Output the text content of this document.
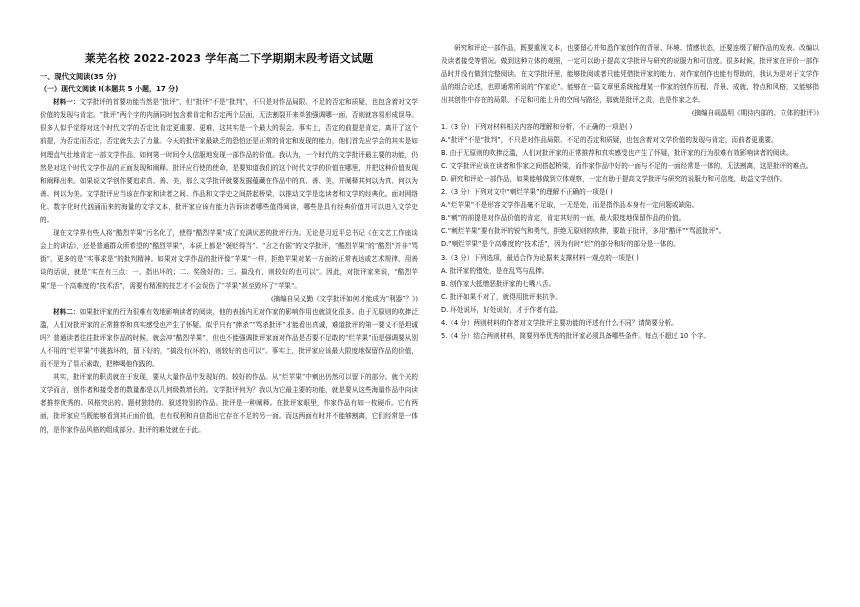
莱芜名校 2022-2023 学年高二下学期期末段考语文试题

一、现代文阅读(35 分)

（一）现代文阅读 I(本题共 5 小题，17 分)

材料一：文学批评的首要功能当然是“批评”，但“批评”不是“批判”，不只是对作品局限、不足的否定和质疑，也包含着对文学价值的发现与肯定。“批评”两个字的内涵同时包含着肯定和否定两个层面，无法割裂开来单独强调哪一面，否则就容易形成误导。很多人似乎觉得对这个时代文学的否定比肯定更重要、更难，这其实是一个最大的误会。事实上，否定的前提是肯定，离开了这个前提，为否定而否定，否定就失去了力量。今天的批评家最缺乏的恐怕还是正常的肯定和发现的能力，他们首先应学会的其实是如何理直气壮地肯定一部文学作品，如何第一时间令人信服地发现一部作品的价值。我认为，一个时代的文学批评最主要的功能，仍然是对这个时代文学作品的正面发现和阐释。批评应行使的使命，是要知道我们的这个时代文学的价值在哪里，并把这种价值发现和阐释出来。如果说文学创作要追求真、善、美，那么文学批评就要发掘蕴藏在作品中的真、善、美，并阐释其何以为真、何以为善、何以为美。文学批评应当该在作家和读者之间、作品和文学史之间搭起桥梁，以推动文学是迄读者和文学的经典化。面对网络化、数字化时代汹涌而来的海量的文学文本，批评家应该有能力告诉读者哪些值得阅读，哪些是具有经典价值并可以进入文学史的。

现在文学界有些人将“酷烈苹果”污名化了，使得“酷烈苹果”成了充满厌恶的批评行为。无论是习近平总书记《在文艺工作座谈会上的讲话》，还是普通群众所希望的“酷烈苹果”，本质上都是“褒贬得当”、“言之有据”的文学批评，“酷烈苹果”的“酷烈”并非“骂街”，更多的是“实事求是”的批判精神。如果对文学作品的批评像“苹果”一样，拒绝苹果对某一方面的正常表达或艺术规律，用善谈的话说，就是“实在有三点：一、指出坏的；二、奖励好的；三、搞没有，则较好的也可以”。因此，对批评家来说，“酷烈苹果”是一个高难度的“技术活”，需要有精准的技艺才不会误伤了“苹果”甚至毁坏了“苹果”。

(摘编自吴义勤《文学批评如何才能成为“利器”？》)

材料二：如果批评家的行为很难有效地影响读者的阅读，他的表扬内无对作家的影响作用也就淡化很多。由于无原则的吹捧泛滥，人们对批评家的正常推荐和真实感受也产生了怀疑。似乎只有“捧杀”“骂杀批评”才能看出真诚，难道批评的第一要义不是坦诚吗？普通读者往往批评家作品的时候，就会冲“酷烈苹果”，但也不能强调批评家面对作品是否要不足敢的“烂苹果”而是强调要从别人不用的“烂苹果”中挑拣坏的，留下好的，“搞没有(坏的)，则较好的也可以”。事实上，批评家应该最大限度地保留作品的价值，而不是为了显示素敢，把棒喝他作践的。

其实，批评家的职责就在于发现，要从大量作品中发现好的、较好的作品。从“烂苹果”中剜出仍然可以留下的部分。就个关的文学而言，创作者和接受者的数量都是以几何级数增长的。文学批评何为？我以为它最主要的功能，就是要从这些海量作品中向读者推荐优秀的、风格突出的、题材独特的、叙述特别的作品。批评是一种阐释。在批评家眼里，作家作品有如一枚硬币。它有两面，批评家应当既能够看到其正面价值，也有权利和自信指出它存在不足的另一面。而这两面有时并不能够割离，它们经常是一体的，是作家作品风格的组成部分。批评的难处就在于此。

研究和评论一部作品，既要重视文本，也要留心并知悉作家创作的背景、环境、情感状态，还要连缀了解作品的发表、改编以及读者接受等情况。做到这种立体的观照，一定可以助于提高文学批评与研究的说服力和可信度。很多时候，批评家在评价一部作品时并没有做到完整阅读。在文学批评里，能够批阅或者只能凭借批评家的能力、对作家创作也能有帮助的，我认为是对于文学作品的组合论述，也即通常所说的“作家论”。能够在一篇文章里系统梳理某一作家的创作历程、背景、成就、特点和风格，又能够指出其创作中存在的局限、不足和可能上升的空间与路径，那就是批评之责，也是作家之幸。

(摘编自阎晶明《期待内部的、立体的批评》)

1.（3 分）下列对材料相关内容的理解和分析，不正确的一项是( )

A.“批评”不是“批判”，不只是对作品局限、不足的否定和质疑，也包含着对文学价值的发现与肯定，而前者更重要。

B. 由于无原则的吹捧泛滥，人们对批评家的正常推荐和真实感受也产生了怀疑，批评家的行为很难有效影响读者的阅读。

C. 文学批评应该在读者和作家之间搭起桥梁，而作家作品中好的一面与不足的一面经常是一体的，无法割离，这是批评的难点。

D. 研究和评论一部作品，如果能够做到立体观察，一定有助于提高文学批评与研究的说服力和可信度，助益文学创作。

2.（3 分）下列对文中“剜烂苹果”的理解不正确的一项是( )

A.“烂苹果”不是形容文学作品毫不足取，一无是处，而是指作品本身有一定问题或缺陷。

B.“剜”的前提是对作品价值的肯定，肯定其好的一面，最大限度地保留作品的价值。

C.“剜烂苹果”要有批评的锐气和勇气，拒绝无原则的吹捧，要敢于批评，多用“酷评”“骂派批评”。

D.“剜烂苹果”是个高难度的“技术活”，因为有时“烂”的部分和好的部分是一体的。

3.（3 分）下列选项，最适合作为论据来支撑材料一观点的一项是( )

A. 批评家的错处，是在乱骂与乱捧。

B. 创作家大抵憎恶批评家的七嘴八舌。

C. 批评如果不对了，就得用批评来抗争。

D. 坏处说坏，好处说好，才于作者有益。

4.（4 分）两则材料的作者对文学批评主要功能的评述有什么不同？请简要分析。

5.（4 分）结合两则材料，简要列举优秀的批评家必须具备哪些条件。每点不超过 10 个字。
